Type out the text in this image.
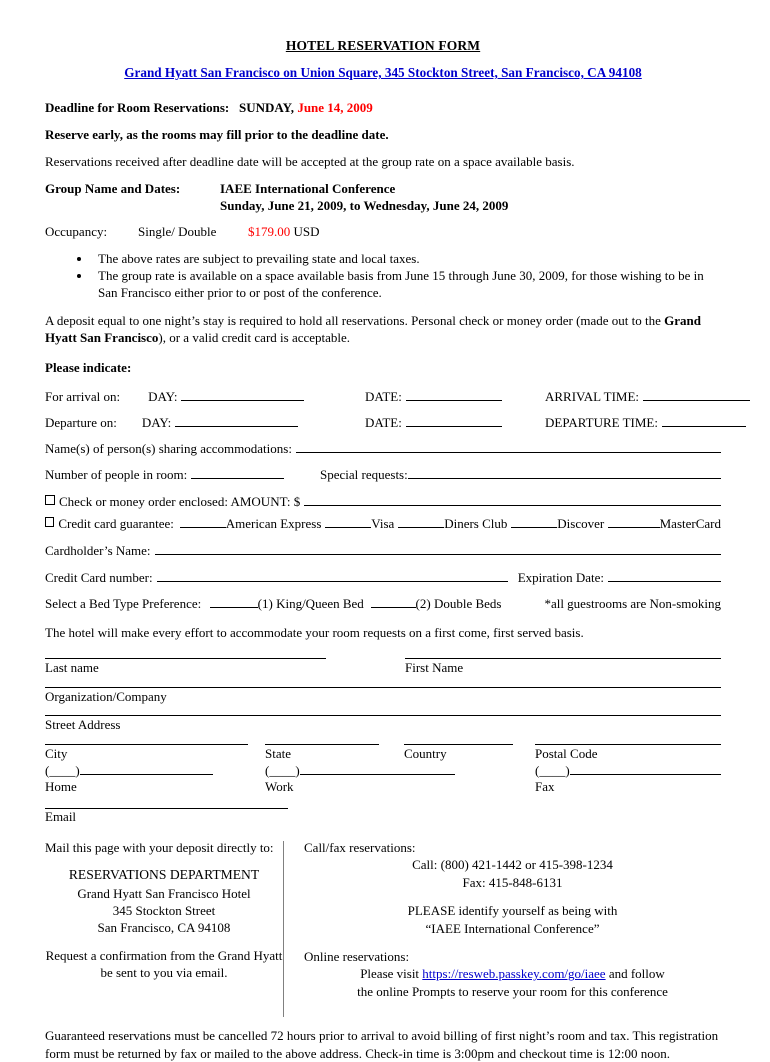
HOTEL RESERVATION FORM
Grand Hyatt San Francisco on Union Square, 345 Stockton Street, San Francisco, CA 94108
Deadline for Room Reservations: SUNDAY, June 14, 2009
Reserve early, as the rooms may fill prior to the deadline date.
Reservations received after deadline date will be accepted at the group rate on a space available basis.
Group Name and Dates:	IAEE International Conference
Sunday, June 21, 2009, to Wednesday, June 24, 2009
Occupancy:	Single/ Double	$179.00 USD
• The above rates are subject to prevailing state and local taxes.
• The group rate is available on a space available basis from June 15 through June 30, 2009, for those wishing to be in San Francisco either prior to or post of the conference.
A deposit equal to one night’s stay is required to hold all reservations. Personal check or money order (made out to the Grand Hyatt San Francisco), or a valid credit card is acceptable.
Please indicate:
For arrival on: DAY:	DATE:	ARRIVAL TIME:
Departure on: DAY:	DATE:	DEPARTURE TIME:
Name(s) of person(s) sharing accommodations:
Number of people in room:	Special requests:
Check or money order enclosed: AMOUNT: $
Credit card guarantee:	American Express	Visa	Diners Club	Discover	MasterCard
Cardholder’s Name:
Credit Card number:	Expiration Date:
Select a Bed Type Preference:	(1) King/Queen Bed	(2) Double Beds	*all guestrooms are Non-smoking
The hotel will make every effort to accommodate your room requests on a first come, first served basis.
Last name	First Name
Organization/Company
Street Address
City	State	Country	Postal Code
(____)	(____)	(____)
Home	Work	Fax
Email
Mail this page with your deposit directly to:
RESERVATIONS DEPARTMENT
Grand Hyatt San Francisco Hotel
345 Stockton Street
San Francisco, CA 94108
Request a confirmation from the Grand Hyatt
be sent to you via email.
Call/fax reservations:
Call: (800) 421-1442 or 415-398-1234
Fax: 415-848-6131
PLEASE identify yourself as being with
“IAEE International Conference”
Online reservations:
Please visit https://resweb.passkey.com/go/iaee and follow
the online Prompts to reserve your room for this conference
Guaranteed reservations must be cancelled 72 hours prior to arrival to avoid billing of first night’s room and tax. This registration
form must be returned by fax or mailed to the above address. Check-in time is 3:00pm and checkout time is 12:00 noon.
